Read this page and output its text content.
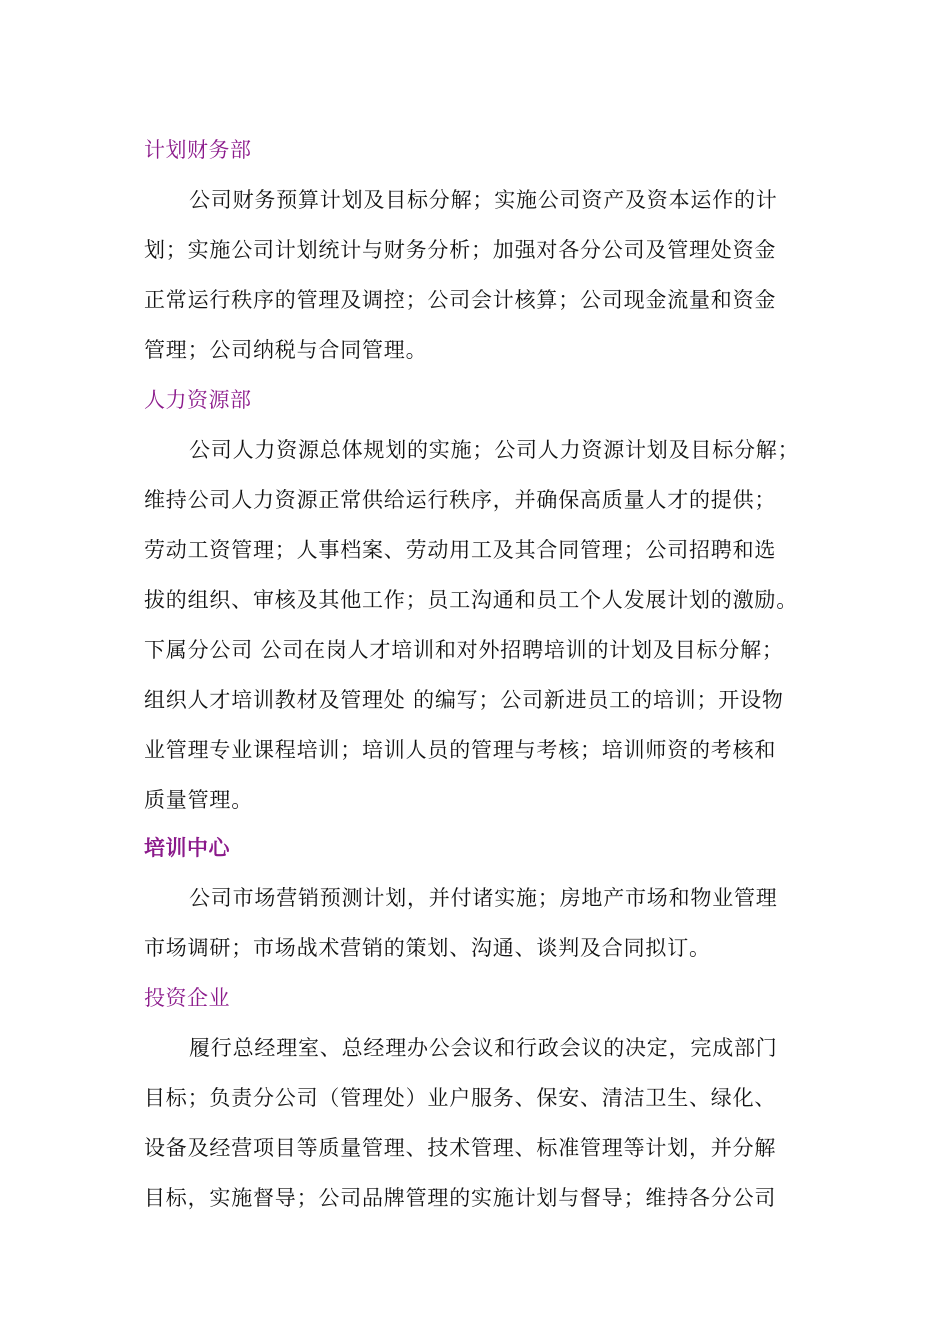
计划财务部
公司财务预算计划及目标分解；实施公司资产及资本运作的计
划；实施公司计划统计与财务分析；加强对各分公司及管理处资金
正常运行秩序的管理及调控；公司会计核算；公司现金流量和资金
管理；公司纳税与合同管理。
人力资源部
公司人力资源总体规划的实施；公司人力资源计划及目标分解；
维持公司人力资源正常供给运行秩序，并确保高质量人才的提供；
劳动工资管理；人事档案、劳动用工及其合同管理；公司招聘和选
拔的组织、审核及其他工作；员工沟通和员工个人发展计划的激励。
下属分公司 公司在岗人才培训和对外招聘培训的计划及目标分解；
组织人才培训教材及管理处 的编写；公司新进员工的培训；开设物
业管理专业课程培训；培训人员的管理与考核；培训师资的考核和
质量管理。
培训中心
公司市场营销预测计划，并付诸实施；房地产市场和物业管理
市场调研；市场战术营销的策划、沟通、谈判及合同拟订。
投资企业
履行总经理室、总经理办公会议和行政会议的决定，完成部门
目标；负责分公司（管理处）业户服务、保安、清洁卫生、绿化、
设备及经营项目等质量管理、技术管理、标准管理等计划，并分解
目标，实施督导；公司品牌管理的实施计划与督导；维持各分公司
